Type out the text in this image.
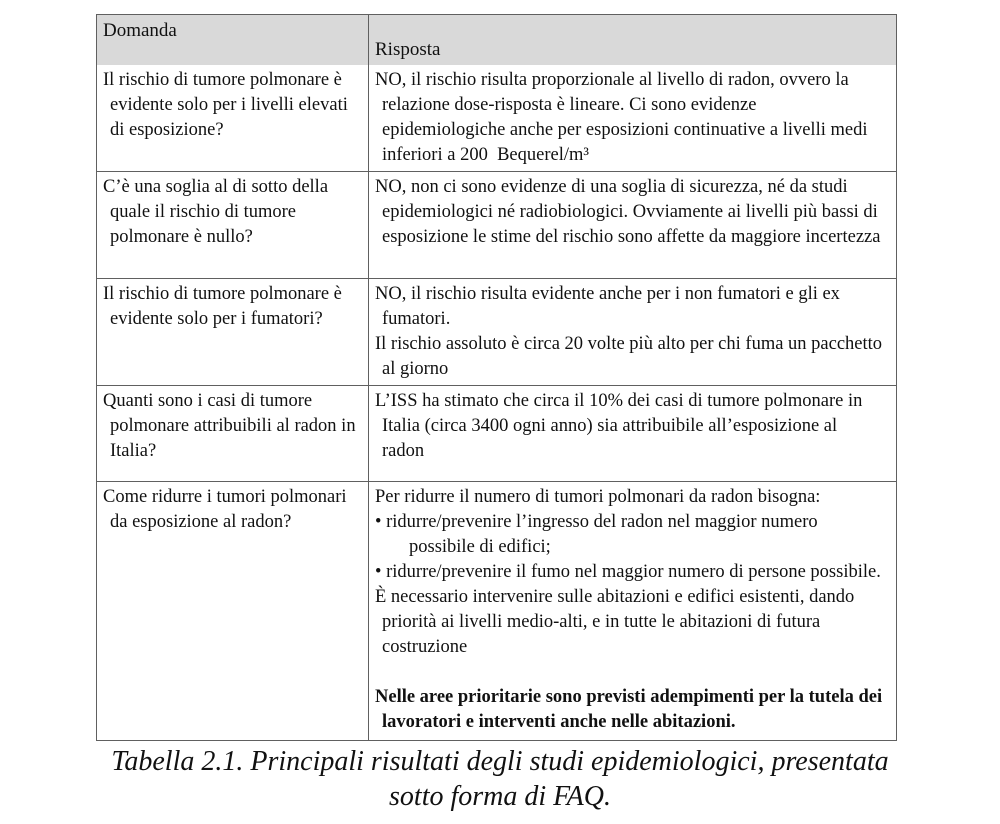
Domanda
Risposta
Il rischio di tumore polmonare è
evidente solo per i livelli elevati
di esposizione?
NO, il rischio risulta proporzionale al livello di radon, ovvero la
relazione dose-risposta è lineare. Ci sono evidenze
epidemiologiche anche per esposizioni continuative a livelli medi
inferiori a 200  Bequerel/m³
C’è una soglia al di sotto della
quale il rischio di tumore
polmonare è nullo?
NO, non ci sono evidenze di una soglia di sicurezza, né da studi
epidemiologici né radiobiologici. Ovviamente ai livelli più bassi di
esposizione le stime del rischio sono affette da maggiore incertezza
Il rischio di tumore polmonare è
evidente solo per i fumatori?
NO, il rischio risulta evidente anche per i non fumatori e gli ex
fumatori.
Il rischio assoluto è circa 20 volte più alto per chi fuma un pacchetto
al giorno
Quanti sono i casi di tumore
polmonare attribuibili al radon in
Italia?
L’ISS ha stimato che circa il 10% dei casi di tumore polmonare in
Italia (circa 3400 ogni anno) sia attribuibile all’esposizione al
radon
Come ridurre i tumori polmonari
da esposizione al radon?
Per ridurre il numero di tumori polmonari da radon bisogna:
• ridurre/prevenire l’ingresso del radon nel maggior numero
possibile di edifici;
• ridurre/prevenire il fumo nel maggior numero di persone possibile.
È necessario intervenire sulle abitazioni e edifici esistenti, dando
priorità ai livelli medio-alti, e in tutte le abitazioni di futura
costruzione

Nelle aree prioritarie sono previsti adempimenti per la tutela dei
lavoratori e interventi anche nelle abitazioni.
Tabella 2.1. Principali risultati degli studi epidemiologici, presentata
sotto forma di FAQ.
